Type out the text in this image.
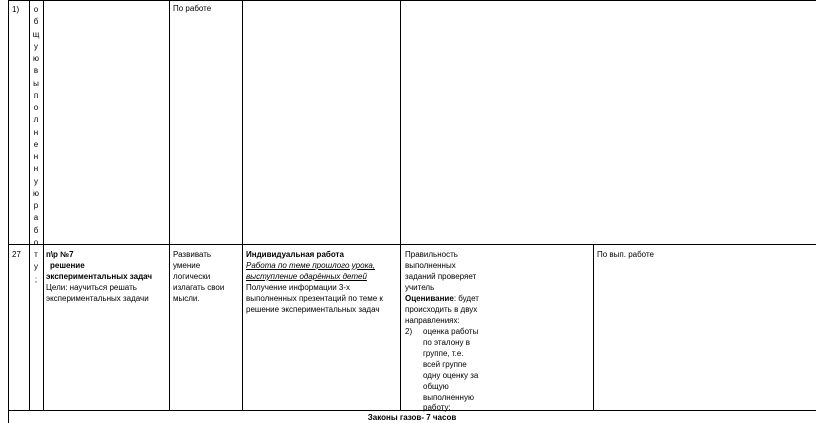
1) о
б
щ
у
ю
в
ы
п
о
л
н
е
н
н
у
ю
р
а
б
о
т
у
;
По работе
27	п\р №7
решение
экспериментальных задач
Цели: научиться решать
экспериментальных задачи
Развивать
умение
логически
излагать свои
мысли.
Индивидуальная работа
Работа по теме прошлого урока,
выступление одарённых детей
Получение информации 3-х
выполненных презентаций по теме к
решение экспериментальных задач
Правильность
выполненных
заданий проверяет
учитель
Оценивание: будет
происходить в двух
направлениях:
2) оценка работы
по эталону в
группе, т.е.
всей группе
одну оценку за
общую
выполненную
работу;
По вып. работе
Законы газов- 7 часов
